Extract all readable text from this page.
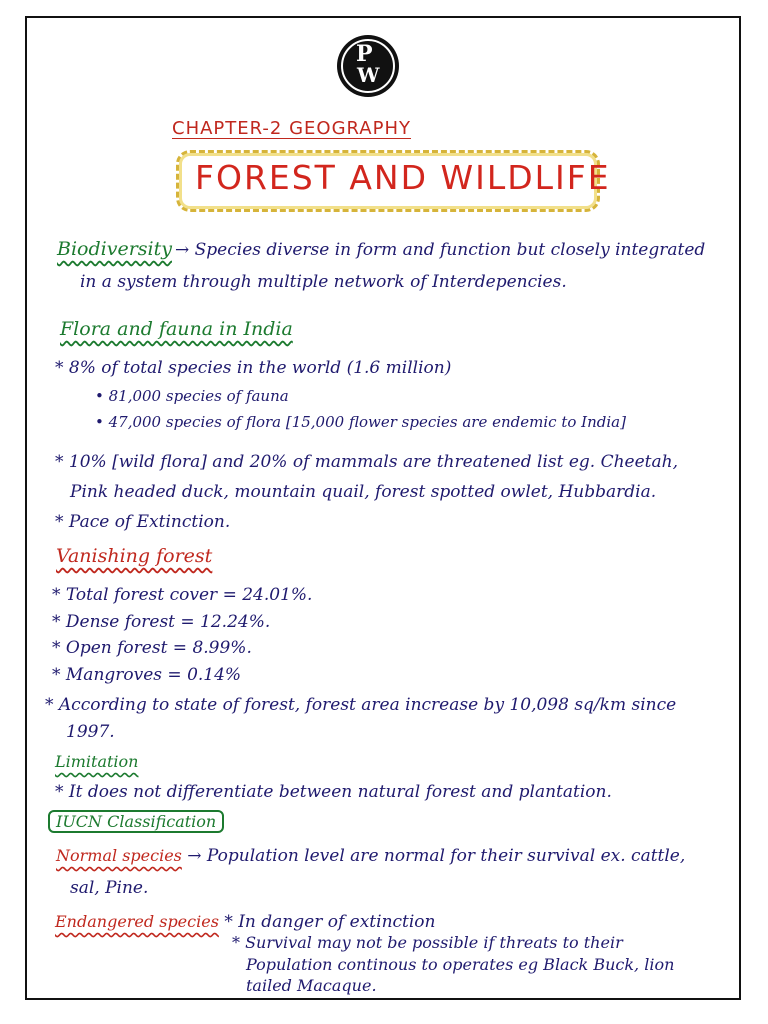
P
W
CHAPTER-2 GEOGRAPHY
FOREST AND WILDLIFE
Biodiversity → Species diverse in form and function but closely integrated
in a system through multiple network of Interdepencies.
Flora and fauna in India
* 8% of total species in the world (1.6 million)
• 81,000 species of fauna
• 47,000 species of flora [15,000 flower species are endemic to India]
* 10% [wild flora] and 20% of mammals are threatened list eg. Cheetah,
Pink headed duck, mountain quail, forest spotted owlet, Hubbardia.
* Pace of Extinction.
Vanishing forest
* Total forest cover = 24.01%.
* Dense forest = 12.24%.
* Open forest = 8.99%.
* Mangroves = 0.14%
* According to state of forest, forest area increase by 10,098 sq/km since
1997.
Limitation
* It does not differentiate between natural forest and plantation.
IUCN Classification
Normal species → Population level are normal for their survival ex. cattle,
sal, Pine.
Endangered species * In danger of extinction
* Survival may not be possible if threats to their
Population continous to operates eg Black Buck, lion
tailed Macaque.
